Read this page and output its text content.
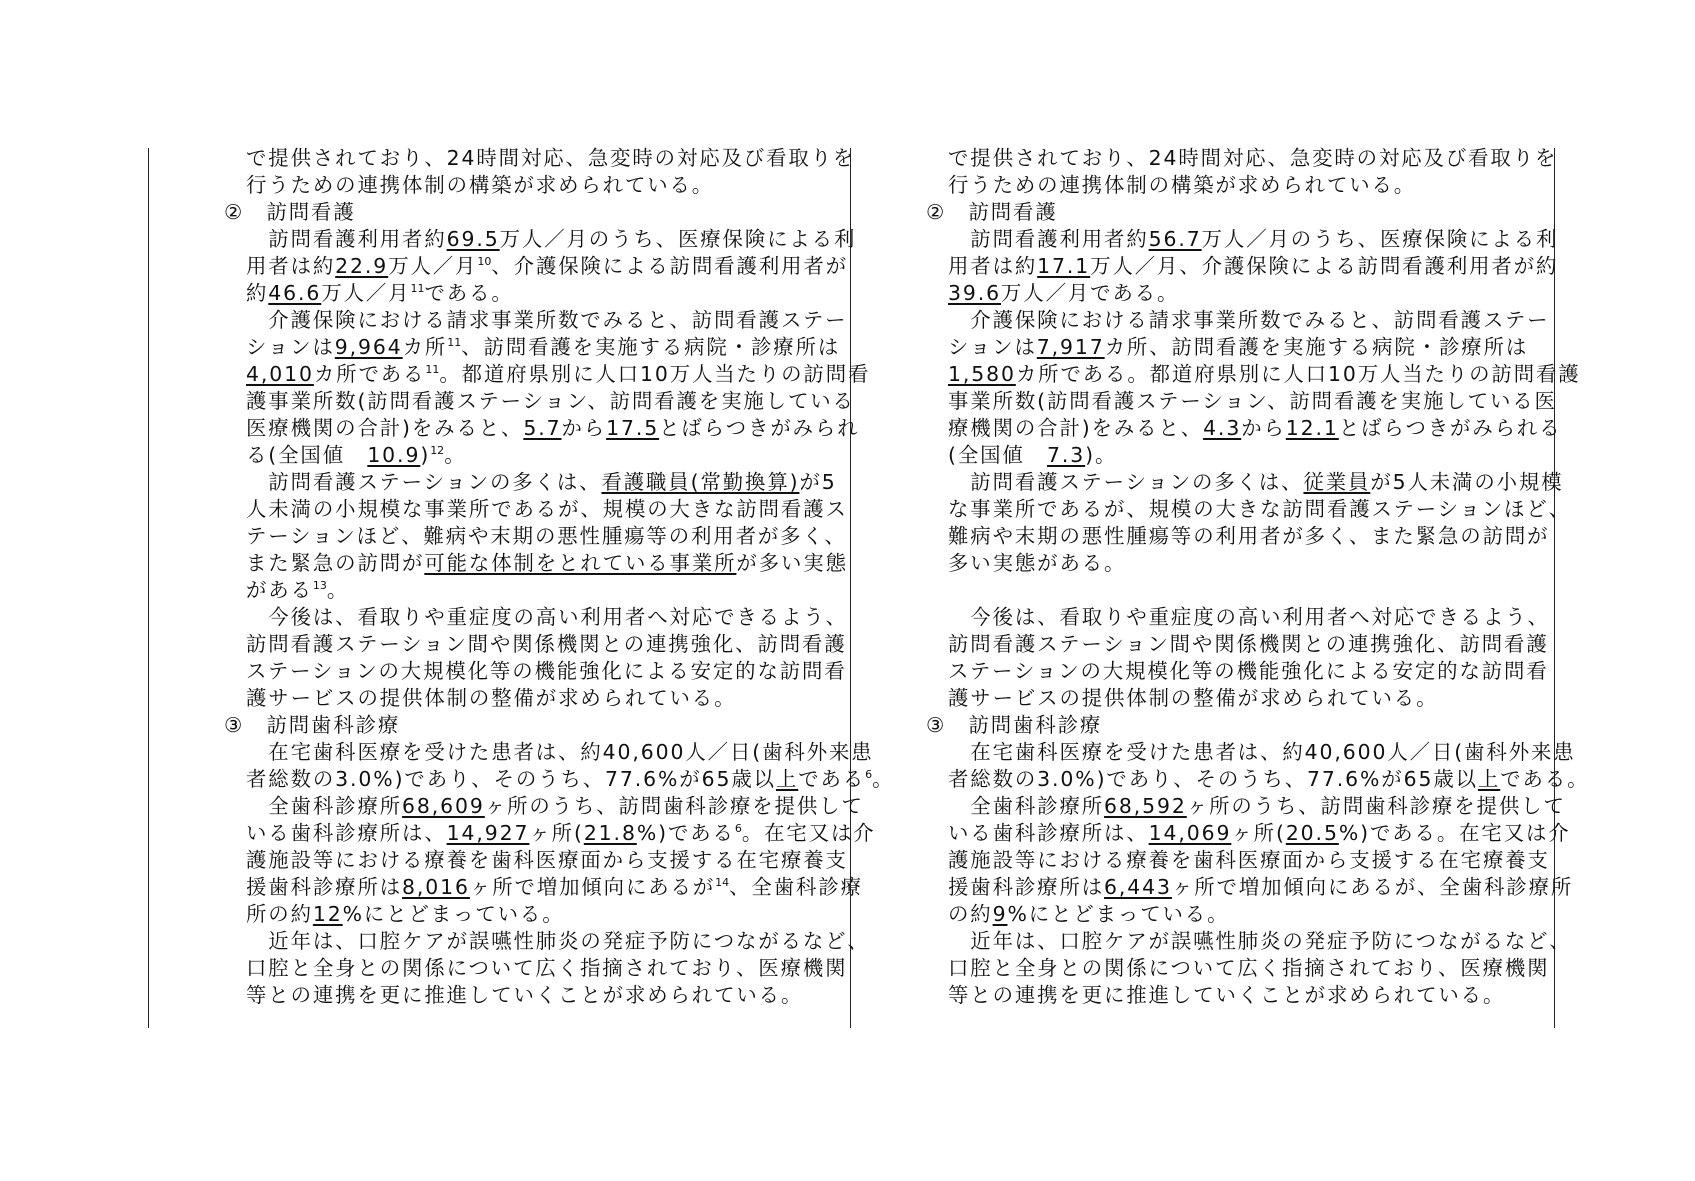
で提供されており、24時間対応、急変時の対応及び看取りを
行うための連携体制の構築が求められている。
②　訪問看護
　訪問看護利用者約69.5万人／月のうち、医療保険による利
用者は約22.9万人／月$^{10}$、介護保険による訪問看護利用者が
約46.6万人／月$^{11}$である。
　介護保険における請求事業所数でみると、訪問看護ステー
ションは9,964カ所$^{11}$、訪問看護を実施する病院・診療所は
4,010カ所である$^{11}$。都道府県別に人口10万人当たりの訪問看
護事業所数(訪問看護ステーション、訪問看護を実施している
医療機関の合計)をみると、5.7から17.5とばらつきがみられ
る(全国値　10.9)$^{12}$。
　訪問看護ステーションの多くは、看護職員(常勤換算)が5
人未満の小規模な事業所であるが、規模の大きな訪問看護ス
テーションほど、難病や末期の悪性腫瘍等の利用者が多く、
また緊急の訪問が可能な体制をとれている事業所が多い実態
がある$^{13}$。
　今後は、看取りや重症度の高い利用者へ対応できるよう、
訪問看護ステーション間や関係機関との連携強化、訪問看護
ステーションの大規模化等の機能強化による安定的な訪問看
護サービスの提供体制の整備が求められている。
③　訪問歯科診療
　在宅歯科医療を受けた患者は、約40,600人／日(歯科外来患
者総数の3.0%)であり、そのうち、77.6%が65歳以上である$^6$。
　全歯科診療所68,609ヶ所のうち、訪問歯科診療を提供して
いる歯科診療所は、14,927ヶ所(21.8%)である$^6$。在宅又は介
護施設等における療養を歯科医療面から支援する在宅療養支
援歯科診療所は8,016ヶ所で増加傾向にあるが$^{14}$、全歯科診療
所の約12%にとどまっている。
　近年は、口腔ケアが誤嚥性肺炎の発症予防につながるなど、
口腔と全身との関係について広く指摘されており、医療機関
等との連携を更に推進していくことが求められている。
で提供されており、24時間対応、急変時の対応及び看取りを
行うための連携体制の構築が求められている。
②　訪問看護
　訪問看護利用者約56.7万人／月のうち、医療保険による利
用者は約17.1万人／月、介護保険による訪問看護利用者が約
39.6万人／月である。
　介護保険における請求事業所数でみると、訪問看護ステー
ションは7,917カ所、訪問看護を実施する病院・診療所は
1,580カ所である。都道府県別に人口10万人当たりの訪問看護
事業所数(訪問看護ステーション、訪問看護を実施している医
療機関の合計)をみると、4.3から12.1とばらつきがみられる
(全国値　7.3)。
　訪問看護ステーションの多くは、従業員が5人未満の小規模
な事業所であるが、規模の大きな訪問看護ステーションほど、
難病や末期の悪性腫瘍等の利用者が多く、また緊急の訪問が
多い実態がある。
　今後は、看取りや重症度の高い利用者へ対応できるよう、
訪問看護ステーション間や関係機関との連携強化、訪問看護
ステーションの大規模化等の機能強化による安定的な訪問看
護サービスの提供体制の整備が求められている。
③　訪問歯科診療
　在宅歯科医療を受けた患者は、約40,600人／日(歯科外来患
者総数の3.0%)であり、そのうち、77.6%が65歳以上である。
　全歯科診療所68,592ヶ所のうち、訪問歯科診療を提供して
いる歯科診療所は、14,069ヶ所(20.5%)である。在宅又は介
護施設等における療養を歯科医療面から支援する在宅療養支
援歯科診療所は6,443ヶ所で増加傾向にあるが、全歯科診療所
の約9%にとどまっている。
　近年は、口腔ケアが誤嚥性肺炎の発症予防につながるなど、
口腔と全身との関係について広く指摘されており、医療機関
等との連携を更に推進していくことが求められている。
